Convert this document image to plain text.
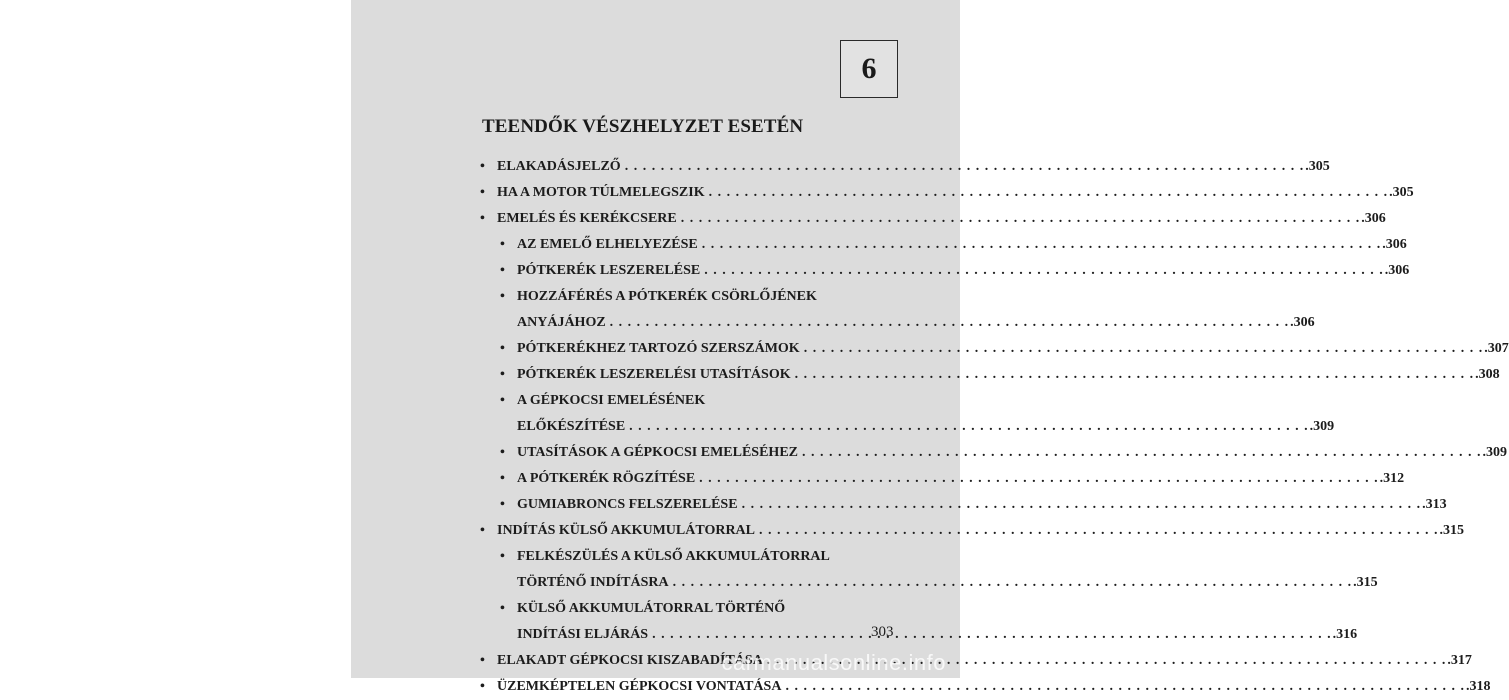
6
TEENDŐK VÉSZHELYZET ESETÉN
• ELAKADÁSJELZŐ . . .	.305
• HA A MOTOR TÚLMELEGSZIK . . .	.305
• EMELÉS ÉS KERÉKCSERE . . .	.306
• AZ EMELŐ ELHELYEZÉSE . . .	.306
• PÓTKERÉK LESZERELÉSE . . .	.306
• HOZZÁFÉRÉS A PÓTKERÉK CSÖRLŐJÉNEK
ANYÁJÁHOZ . . .	.306
• PÓTKERÉKHEZ TARTOZÓ SZERSZÁMOK . . .	.307
• PÓTKERÉK LESZERELÉSI UTASÍTÁSOK . . .	.308
• A GÉPKOCSI EMELÉSÉNEK
ELŐKÉSZÍTÉSE . . .	.309
• UTASÍTÁSOK A GÉPKOCSI EMELÉSÉHEZ . . .	.309
• A PÓTKERÉK RÖGZÍTÉSE . . .	.312
• GUMIABRONCS FELSZERELÉSE . . .	.313
• INDÍTÁS KÜLSŐ AKKUMULÁTORRAL . . .	.315
• FELKÉSZÜLÉS A KÜLSŐ AKKUMULÁTORRAL
TÖRTÉNŐ INDÍTÁSRA . . .	.315
• KÜLSŐ AKKUMULÁTORRAL TÖRTÉNŐ
INDÍTÁSI ELJÁRÁS . . .	.316
• ELAKADT GÉPKOCSI KISZABADÍTÁSA . . .	.317
• ÜZEMKÉPTELEN GÉPKOCSI VONTATÁSA . . .	.318
303
carmanualsonline.info
